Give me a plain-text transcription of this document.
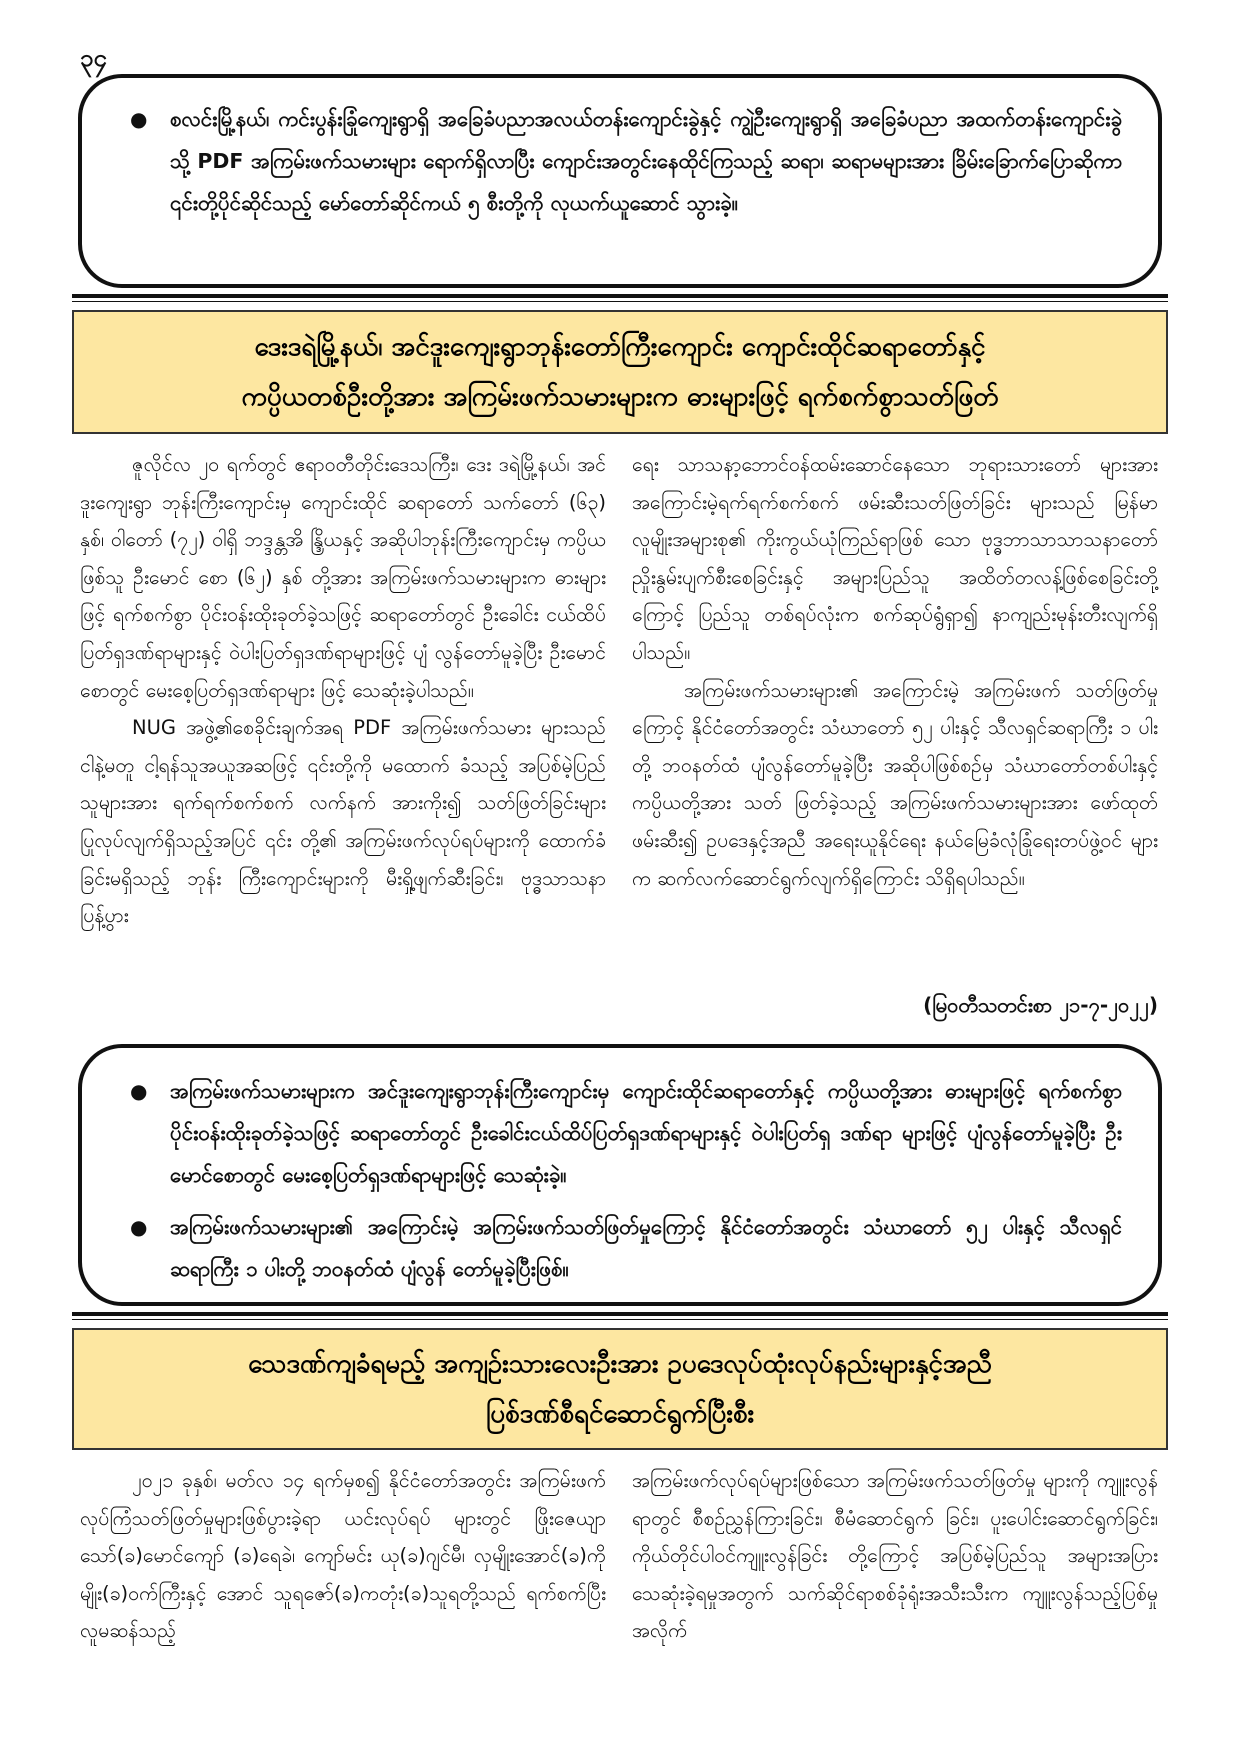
၃၄
● စလင်းမြို့နယ်၊ ကင်းပွန်းခြုံကျေးရွာရှိ အခြေခံပညာအလယ်တန်းကျောင်းခွဲနှင့် ကျွဲဦးကျေးရွာရှိ အခြေခံပညာ အထက်တန်းကျောင်းခွဲသို့ PDF အကြမ်းဖက်သမားများ ရောက်ရှိလာပြီး ကျောင်းအတွင်းနေထိုင်ကြသည့် ဆရာ၊ ဆရာမများအား ခြိမ်းခြောက်ပြောဆိုကာ ၎င်းတို့ပိုင်ဆိုင်သည့် မော်တော်ဆိုင်ကယ် ၅ စီးတို့ကို လုယက်ယူဆောင် သွားခဲ့။
ဒေးဒရဲမြို့နယ်၊ အင်ဒူးကျေးရွာဘုန်းတော်ကြီးကျောင်း ကျောင်းထိုင်ဆရာတော်နှင့်
ကပ္ပိယတစ်ဦးတို့အား အကြမ်းဖက်သမားများက ဓားများဖြင့် ရက်စက်စွာသတ်ဖြတ်

ဇူလိုင်လ ၂၀ ရက်တွင် ဧရာဝတီတိုင်းဒေသကြီး၊ ဒေး ဒရဲမြို့နယ်၊ အင်ဒူးကျေးရွာ ဘုန်းကြီးကျောင်းမှ ကျောင်းထိုင် ဆရာတော် သက်တော် (၆၃) နှစ်၊ ဝါတော် (၇၂) ဝါရှိ ဘဒ္ဒန္တအိ န္ဒြိယနှင့် အဆိုပါဘုန်းကြီးကျောင်းမှ ကပ္ပိယဖြစ်သူ ဦးမောင် စော (၆၂) နှစ် တို့အား အကြမ်းဖက်သမားများက ဓားများဖြင့် ရက်စက်စွာ ပိုင်းဝန်းထိုးခုတ်ခဲ့သဖြင့် ဆရာတော်တွင် ဦးခေါင်း ငယ်ထိပ်ပြတ်ရှဒဏ်ရာများနှင့် ဝဲပါးပြတ်ရှဒဏ်ရာများဖြင့် ပျံ လွန်တော်မူခဲ့ပြီး ဦးမောင်စောတွင် မေးစေ့ပြတ်ရှဒဏ်ရာများ ဖြင့် သေဆုံးခဲ့ပါသည်။

NUG အဖွဲ့၏စေခိုင်းချက်အရ PDF အကြမ်းဖက်သမား များသည် ငါနဲ့မတူ ငါ့ရန်သူအယူအဆဖြင့် ၎င်းတို့ကို မထောက် ခံသည့် အပြစ်မဲ့ပြည်သူများအား ရက်ရက်စက်စက် လက်နက် အားကိုး၍ သတ်ဖြတ်ခြင်းများ ပြုလုပ်လျက်ရှိသည့်အပြင် ၎င်း တို့၏ အကြမ်းဖက်လုပ်ရပ်များကို ထောက်ခံခြင်းမရှိသည့် ဘုန်း ကြီးကျောင်းများကို မီးရှို့ဖျက်ဆီးခြင်း၊ ဗုဒ္ဓသာသနာပြန့်ပွား

ရေး သာသနာ့ဘောင်ဝန်ထမ်းဆောင်နေသော ဘုရားသားတော် များအား အကြောင်းမဲ့ရက်ရက်စက်စက် ဖမ်းဆီးသတ်ဖြတ်ခြင်း များသည် မြန်မာလူမျိုးအများစု၏ ကိုးကွယ်ယုံကြည်ရာဖြစ် သော ဗုဒ္ဓဘာသာသာသနာတော် ညှိုးနွမ်းပျက်စီးစေခြင်းနှင့် အများပြည်သူ အထိတ်တလန့်ဖြစ်စေခြင်းတို့ကြောင့် ပြည်သူ တစ်ရပ်လုံးက စက်ဆုပ်ရွံရှာ၍ နာကျည်းမုန်းတီးလျက်ရှိပါသည်။

အကြမ်းဖက်သမားများ၏ အကြောင်းမဲ့ အကြမ်းဖက် သတ်ဖြတ်မှုကြောင့် နိုင်ငံတော်အတွင်း သံဃာတော် ၅၂ ပါးနှင့် သီလရှင်ဆရာကြီး ၁ ပါးတို့ ဘဝနတ်ထံ ပျံလွန်တော်မူခဲ့ပြီး အဆိုပါဖြစ်စဉ်မှ သံဃာတော်တစ်ပါးနှင့် ကပ္ပိယတို့အား သတ် ဖြတ်ခဲ့သည့် အကြမ်းဖက်သမားများအား ဖော်ထုတ်ဖမ်းဆီး၍ ဥပဒေနှင့်အညီ အရေးယူနိုင်ရေး နယ်မြေခံလုံခြုံရေးတပ်ဖွဲ့ဝင် များက ဆက်လက်ဆောင်ရွက်လျက်ရှိကြောင်း သိရှိရပါသည်။

(မြဝတီသတင်းစာ ၂၁-၇-၂၀၂၂)
● အကြမ်းဖက်သမားများက အင်ဒူးကျေးရွာဘုန်းကြီးကျောင်းမှ ကျောင်းထိုင်ဆရာတော်နှင့် ကပ္ပိယတို့အား ဓားများဖြင့် ရက်စက်စွာ ပိုင်းဝန်းထိုးခုတ်ခဲ့သဖြင့် ဆရာတော်တွင် ဦးခေါင်းငယ်ထိပ်ပြတ်ရှဒဏ်ရာများနှင့် ဝဲပါးပြတ်ရှ ဒဏ်ရာ များဖြင့် ပျံလွန်တော်မူခဲ့ပြီး ဦးမောင်စောတွင် မေးစေ့ပြတ်ရှဒဏ်ရာများဖြင့် သေဆုံးခဲ့။
● အကြမ်းဖက်သမားများ၏ အကြောင်းမဲ့ အကြမ်းဖက်သတ်ဖြတ်မှုကြောင့် နိုင်ငံတော်အတွင်း သံဃာတော် ၅၂ ပါးနှင့် သီလရှင်ဆရာကြီး ၁ ပါးတို့ ဘဝနတ်ထံ ပျံလွန် တော်မူခဲ့ပြီးဖြစ်။
သေဒဏ်ကျခံရမည့် အကျဉ်းသားလေးဦးအား ဥပဒေလုပ်ထုံးလုပ်နည်းများနှင့်အညီ
ပြစ်ဒဏ်စီရင်ဆောင်ရွက်ပြီးစီး

၂၀၂၁ ခုနှစ်၊ မတ်လ ၁၄ ရက်မှစ၍ နိုင်ငံတော်အတွင်း အကြမ်းဖက်လုပ်ကြံသတ်ဖြတ်မှုများဖြစ်ပွားခဲ့ရာ ယင်းလုပ်ရပ် များတွင် ဖြိုးဇေယျာသော်(ခ)မောင်ကျော် (ခ)ရေခဲ၊ ကျော်မင်း ယု(ခ)ဂျင်မီ၊ လှမျိုးအောင်(ခ)ကိုမျိုး(ခ)ဝက်ကြီးနှင့် အောင် သူရဇော်(ခ)ကတုံး(ခ)သူရတို့သည် ရက်စက်ပြီး လူမဆန်သည့်

အကြမ်းဖက်လုပ်ရပ်များဖြစ်သော အကြမ်းဖက်သတ်ဖြတ်မှု များကို ကျူးလွန်ရာတွင် စီစဉ်ညွှန်ကြားခြင်း၊ စီမံဆောင်ရွက် ခြင်း၊ ပူးပေါင်းဆောင်ရွက်ခြင်း၊ ကိုယ်တိုင်ပါဝင်ကျူးလွန်ခြင်း တို့ကြောင့် အပြစ်မဲ့ပြည်သူ အများအပြားသေဆုံးခဲ့ရမှုအတွက် သက်ဆိုင်ရာစစ်ခုံရုံးအသီးသီးက ကျူးလွန်သည့်ပြစ်မှုအလိုက်
